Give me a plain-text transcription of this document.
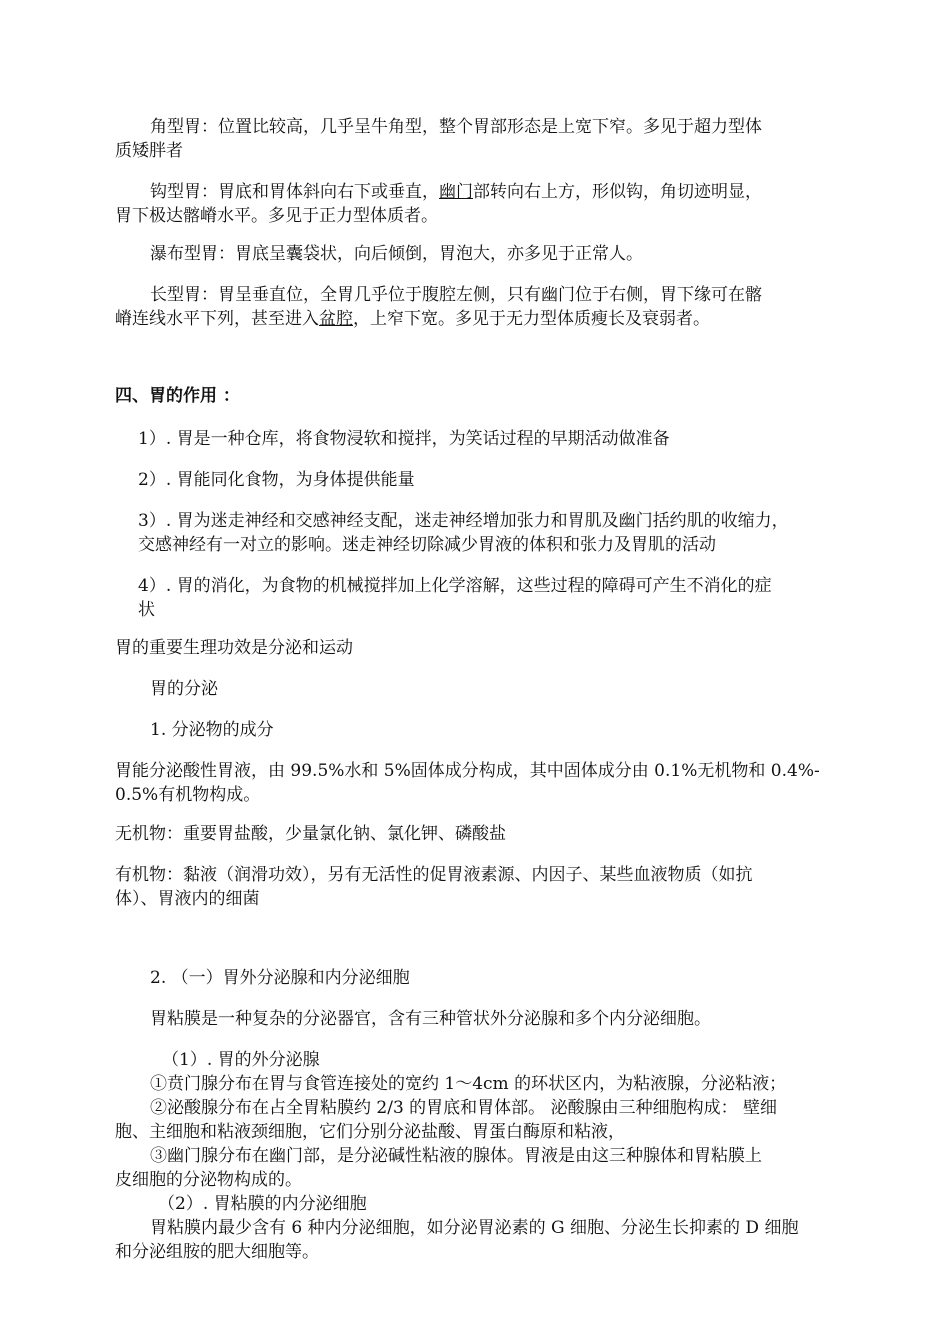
角型胃：位置比较高，几乎呈牛角型，整个胃部形态是上宽下窄。多见于超力型体
质矮胖者
钩型胃：胃底和胃体斜向右下或垂直，幽门部转向右上方，形似钩，角切迹明显，
胃下极达髂嵴水平。多见于正力型体质者。
瀑布型胃：胃底呈囊袋状，向后倾倒，胃泡大，亦多见于正常人。
长型胃：胃呈垂直位，全胃几乎位于腹腔左侧，只有幽门位于右侧，胃下缘可在髂
嵴连线水平下列，甚至进入盆腔，上窄下宽。多见于无力型体质瘦长及衰弱者。
四、胃的作用 ：
1）. 胃是一种仓库，将食物浸软和搅拌，为笑话过程的早期活动做准备
2）. 胃能同化食物，为身体提供能量
3）. 胃为迷走神经和交感神经支配，迷走神经增加张力和胃肌及幽门括约肌的收缩力，
交感神经有一对立的影响。迷走神经切除减少胃液的体积和张力及胃肌的活动
4）. 胃的消化，为食物的机械搅拌加上化学溶解，这些过程的障碍可产生不消化的症
状
胃的重要生理功效是分泌和运动
胃的分泌
1. 分泌物的成分
胃能分泌酸性胃液，由 99.5%水和 5%固体成分构成，其中固体成分由 0.1%无机物和 0.4%-
0.5%有机物构成。
无机物：重要胃盐酸，少量氯化钠、氯化钾、磷酸盐
有机物：黏液（润滑功效），另有无活性的促胃液素源、内因子、某些血液物质（如抗
体）、胃液内的细菌
2. （一）胃外分泌腺和内分泌细胞
胃粘膜是一种复杂的分泌器官，含有三种管状外分泌腺和多个内分泌细胞。
（1）. 胃的外分泌腺
①贲门腺分布在胃与食管连接处的宽约 1～4cm 的环状区内，为粘液腺，分泌粘液；
②泌酸腺分布在占全胃粘膜约 2/3 的胃底和胃体部。 泌酸腺由三种细胞构成： 壁细
胞、主细胞和粘液颈细胞，它们分别分泌盐酸、胃蛋白酶原和粘液，
③幽门腺分布在幽门部，是分泌碱性粘液的腺体。胃液是由这三种腺体和胃粘膜上
皮细胞的分泌物构成的。
（2）. 胃粘膜的内分泌细胞
胃粘膜内最少含有 6 种内分泌细胞，如分泌胃泌素的 G 细胞、分泌生长抑素的 D 细胞
和分泌组胺的肥大细胞等。
